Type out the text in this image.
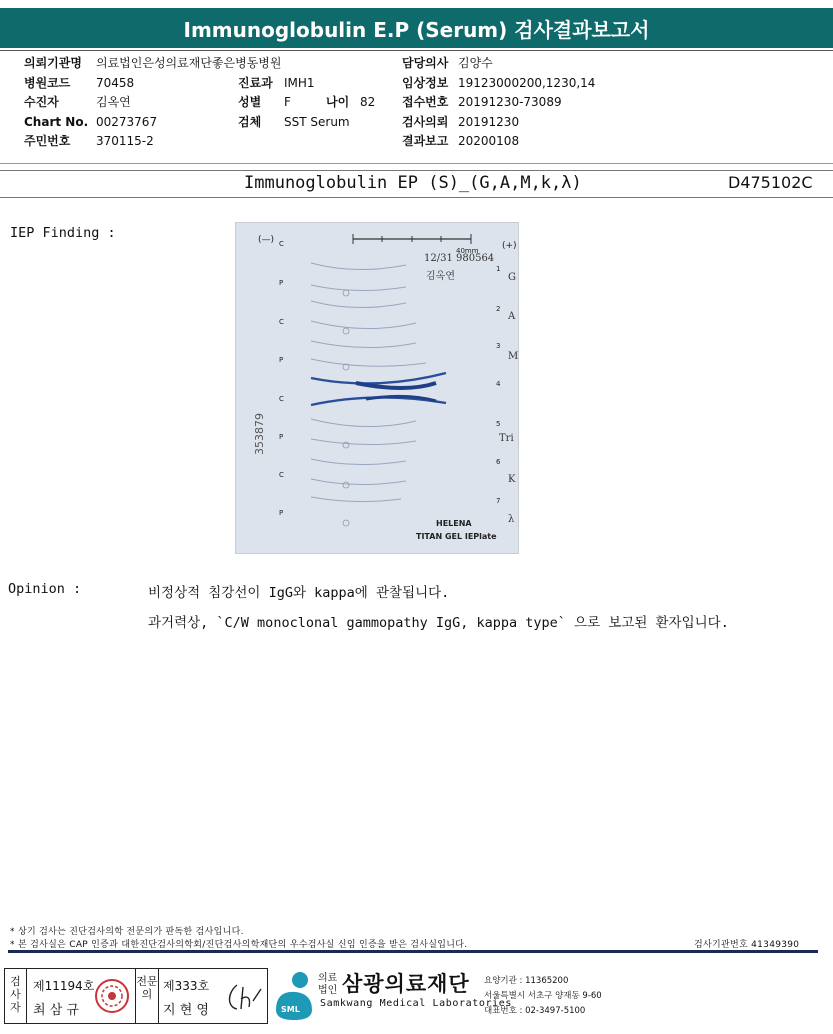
Immunoglobulin E.P (Serum) 검사결과보고서
의뢰기관명	의료법인은성의료재단좋은병동병원
병원코드	70458
수진자	김옥연
Chart No. 00273767
주민번호	370115-2
진료과 IMH1
성별	F	나이 82
검체	SST Serum
담당의사 김양수
임상정보 19123000200,1230,14
접수번호 20191230-73089
검사의뢰 20191230
결과보고 20200108
Immunoglobulin EP (S)_(G,A,M,k,λ)	D475102C
IEP Finding :
40mm
(—)
(+)
12/31 980564
김옥연
353879
C
P
C
P
C
P
C
P
1
2
3
4
5
6
7
G
A
M
Tri
K
λ
HELENA
TITAN GEL IEPlate
Opinion :	비정상적 침강선이 IgG와 kappa에 관찰됩니다.
과거력상, `C/W monoclonal gammopathy IgG, kappa type` 으로 보고된 환자입니다.
* 상기 검사는 진단검사의학 전문의가 판독한 검사입니다.
* 본 검사실은 CAP 인증과 대한진단검사의학회/진단검사의학재단의 우수검사실 신임 인증을 받은 검사실입니다.	검사기관번호 41349390
검사자
제11194호
최 삼 규
전문의
제333호
지 현 영	SML
의료
법인 삼광의료재단
Samkwang Medical Laboratories
요양기관 : 11365200
서울특별시 서초구 양재동 9-60
대표번호 : 02-3497-5100
